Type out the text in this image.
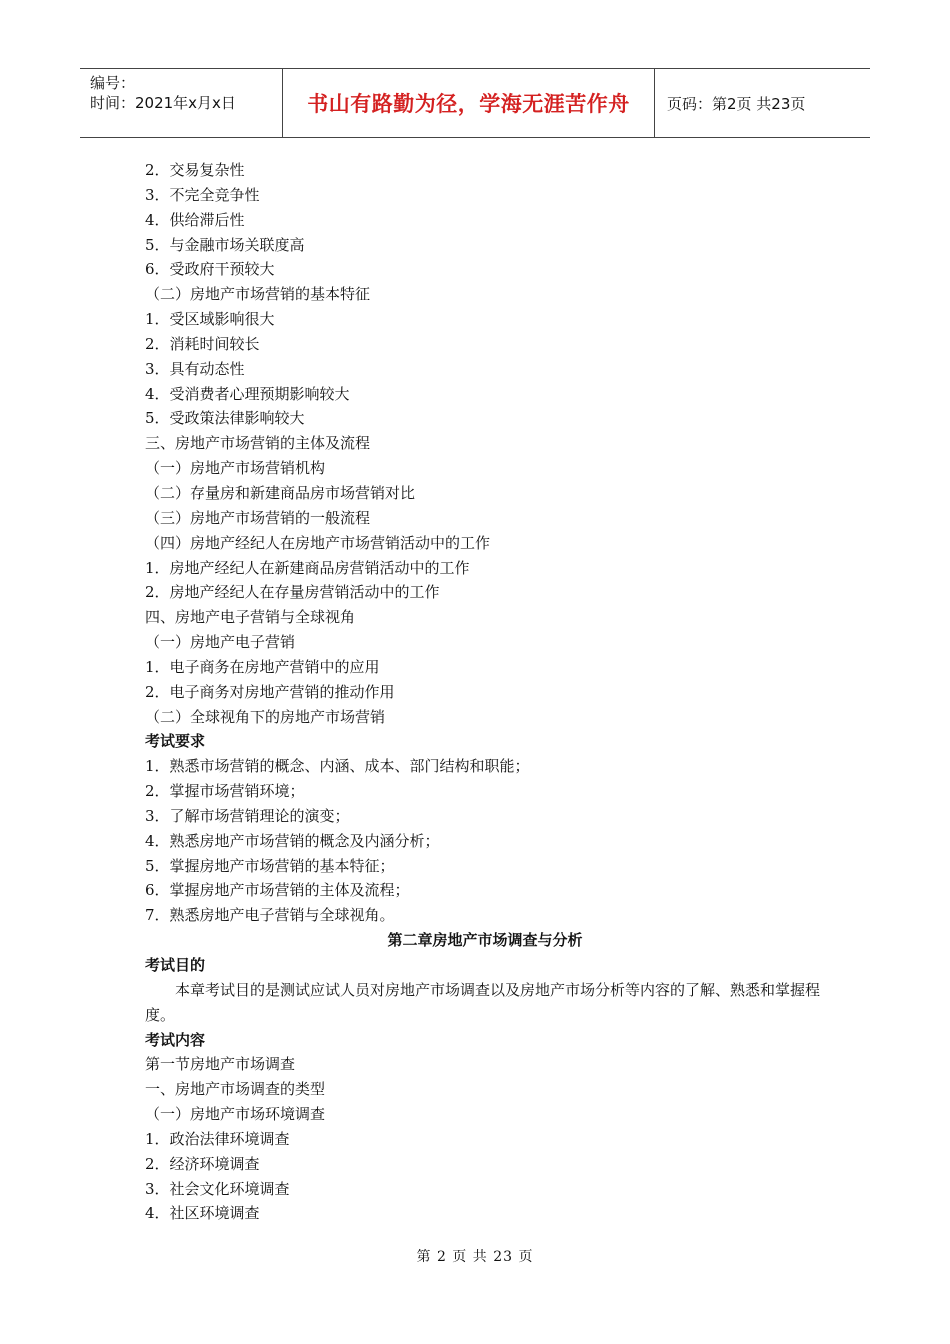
编号：
时间：2021年x月x日	书山有路勤为径，学海无涯苦作舟	页码：第2页 共23页
2．交易复杂性
3．不完全竞争性
4．供给滞后性
5．与金融市场关联度高
6．受政府干预较大
（二）房地产市场营销的基本特征
1．受区域影响很大
2．消耗时间较长
3．具有动态性
4．受消费者心理预期影响较大
5．受政策法律影响较大
三、房地产市场营销的主体及流程
（一）房地产市场营销机构
（二）存量房和新建商品房市场营销对比
（三）房地产市场营销的一般流程
（四）房地产经纪人在房地产市场营销活动中的工作
1．房地产经纪人在新建商品房营销活动中的工作
2．房地产经纪人在存量房营销活动中的工作
四、房地产电子营销与全球视角
（一）房地产电子营销
1．电子商务在房地产营销中的应用
2．电子商务对房地产营销的推动作用
（二）全球视角下的房地产市场营销
考试要求
1．熟悉市场营销的概念、内涵、成本、部门结构和职能；
2．掌握市场营销环境；
3．了解市场营销理论的演变；
4．熟悉房地产市场营销的概念及内涵分析；
5．掌握房地产市场营销的基本特征；
6．掌握房地产市场营销的主体及流程；
7．熟悉房地产电子营销与全球视角。
第二章房地产市场调查与分析
考试目的
本章考试目的是测试应试人员对房地产市场调查以及房地产市场分析等内容的了解、熟悉和掌握程度。
考试内容
第一节房地产市场调查
一、房地产市场调查的类型
（一）房地产市场环境调查
1．政治法律环境调查
2．经济环境调查
3．社会文化环境调查
4．社区环境调查
第 2 页 共 23 页
